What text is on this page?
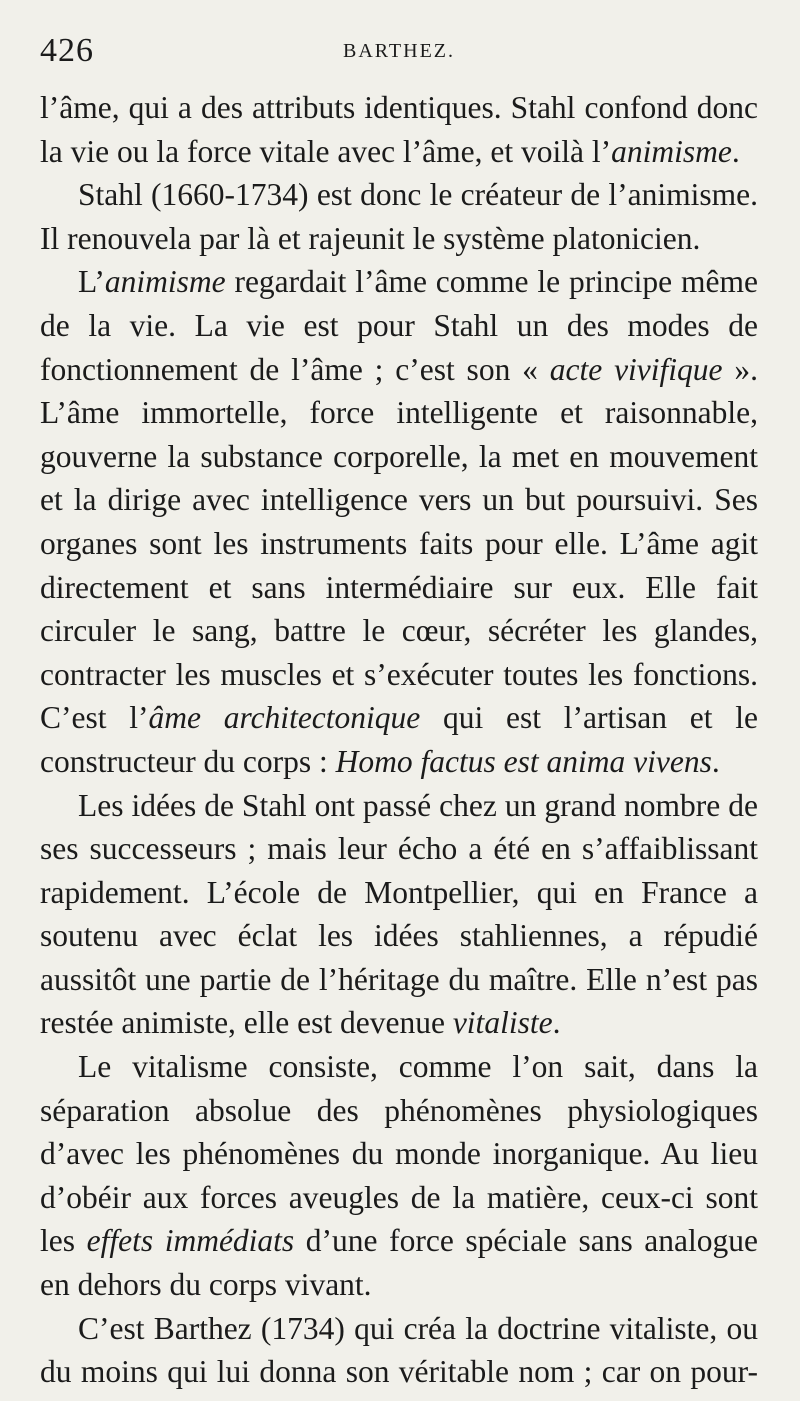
426	BARTHEZ.

l’âme, qui a des attributs identiques. Stahl confond donc la vie ou la force vitale avec l’âme, et voilà l’animisme.

Stahl (1660-1734) est donc le créateur de l’animisme. Il renouvela par là et rajeunit le système platonicien.

L’animisme regardait l’âme comme le principe même de la vie. La vie est pour Stahl un des modes de fonctionnement de l’âme ; c’est son « acte vivifique ». L’âme immortelle, force intelligente et raisonnable, gouverne la substance corporelle, la met en mouvement et la dirige avec intelligence vers un but poursuivi. Ses organes sont les instruments faits pour elle. L’âme agit directement et sans intermédiaire sur eux. Elle fait circuler le sang, battre le cœur, sécréter les glandes, contracter les muscles et s’exécuter toutes les fonctions. C’est l’âme architectonique qui est l’artisan et le constructeur du corps : Homo factus est anima vivens.

Les idées de Stahl ont passé chez un grand nombre de ses successeurs ; mais leur écho a été en s’affaiblissant rapidement. L’école de Montpellier, qui en France a soutenu avec éclat les idées stahliennes, a répudié aussitôt une partie de l’héritage du maître. Elle n’est pas restée animiste, elle est devenue vitaliste.

Le vitalisme consiste, comme l’on sait, dans la séparation absolue des phénomènes physiologiques d’avec les phénomènes du monde inorganique. Au lieu d’obéir aux forces aveugles de la matière, ceux-ci sont les effets immédiats d’une force spéciale sans analogue en dehors du corps vivant.

C’est Barthez (1734) qui créa la doctrine vitaliste, ou du moins qui lui donna son véritable nom ; car on pour-
